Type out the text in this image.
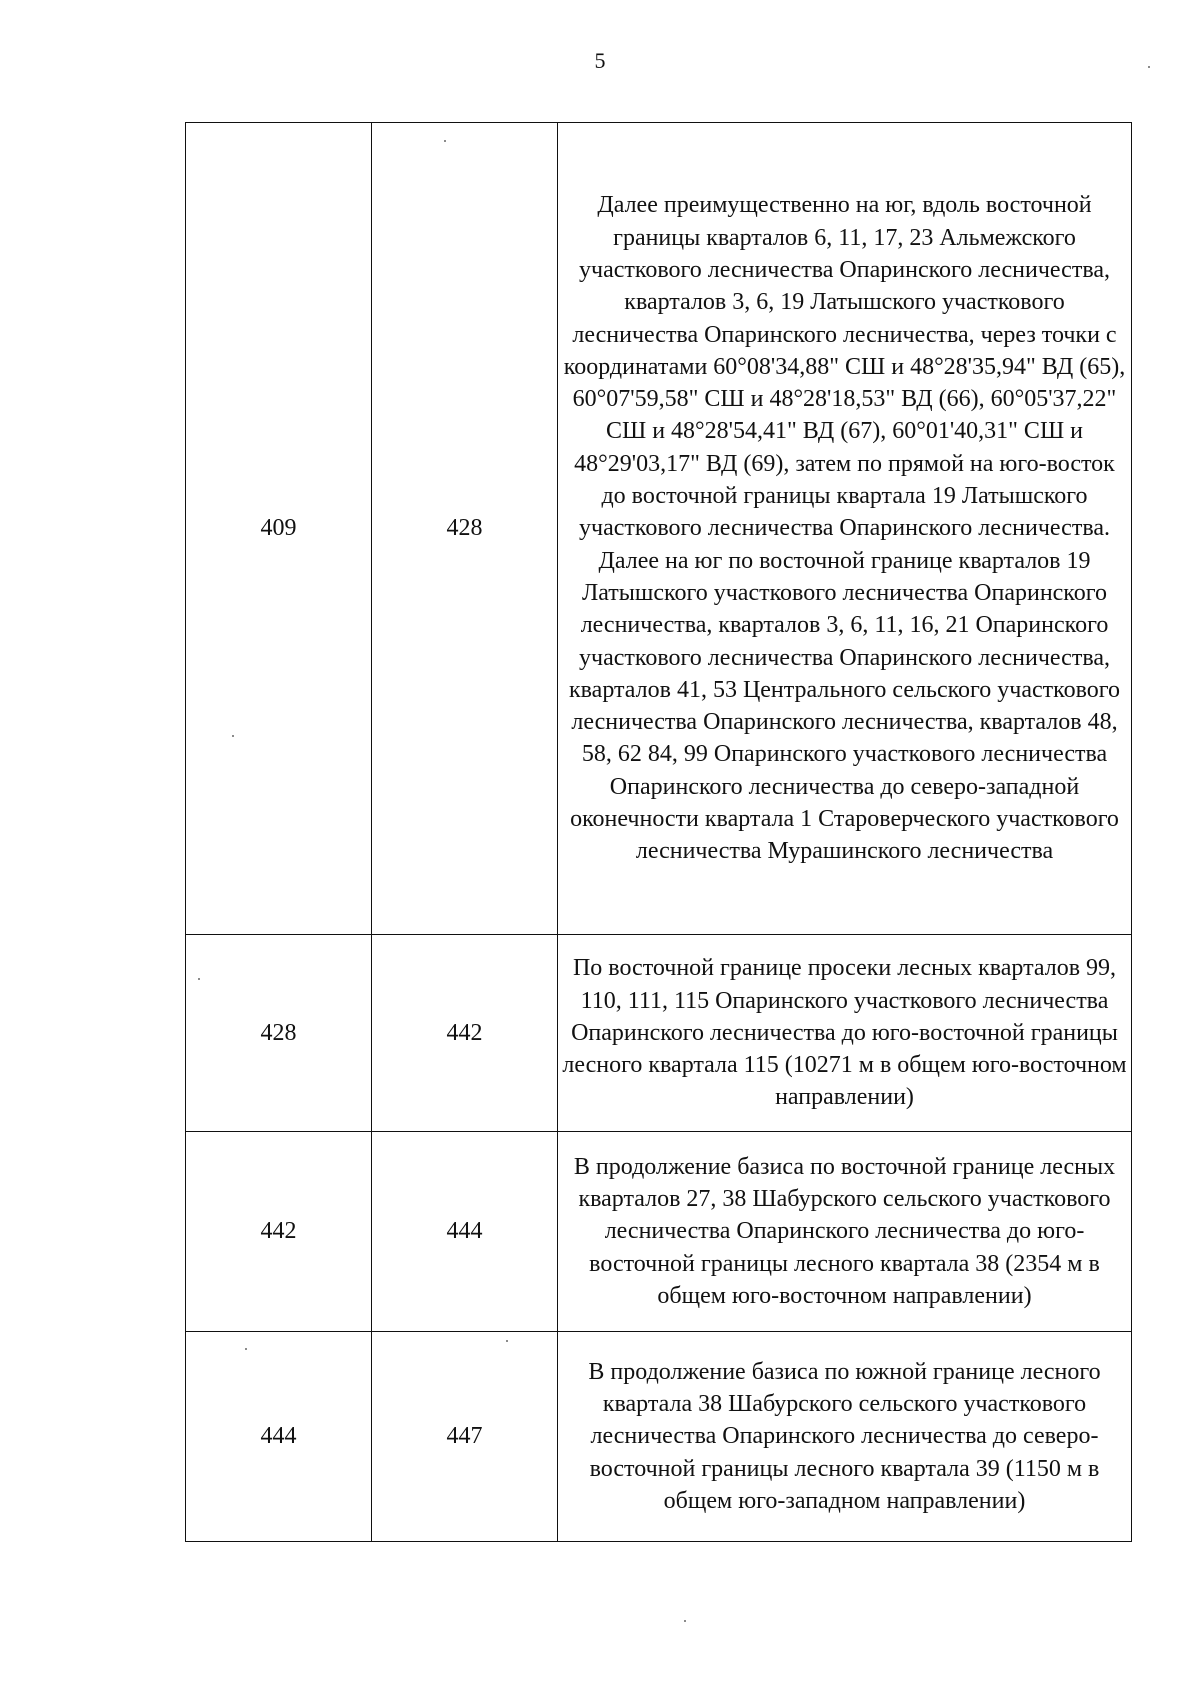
5
409	428	Далее преимущественно на юг, вдоль восточной границы кварталов 6, 11, 17, 23 Альмежского участкового лесничества Опаринского лесничества, кварталов 3, 6, 19 Латышского участкового лесничества Опаринского лесничества, через точки с координатами 60°08'34,88" СШ и 48°28'35,94" ВД (65), 60°07'59,58" СШ и 48°28'18,53" ВД (66), 60°05'37,22" СШ и 48°28'54,41" ВД (67), 60°01'40,31" СШ и 48°29'03,17" ВД (69), затем по прямой на юго-восток до восточной границы квартала 19 Латышского участкового лесничества Опаринского лесничества. Далее на юг по восточной границе кварталов 19 Латышского участкового лесничества Опаринского лесничества, кварталов 3, 6, 11, 16, 21 Опаринского участкового лесничества Опаринского лесничества, кварталов 41, 53 Центрального сельского участкового лесничества Опаринского лесничества, кварталов 48, 58, 62 84, 99 Опаринского участкового лесничества Опаринского лесничества до северо-западной оконечности квартала 1 Староверческого участкового лесничества Мурашинского лесничества
428	442	По восточной границе просеки лесных кварталов 99, 110, 111, 115 Опаринского участкового лесничества Опаринского лесничества до юго-восточной границы лесного квартала 115 (10271 м в общем юго-восточном направлении)
442	444	В продолжение базиса по восточной границе лесных кварталов 27, 38 Шабурского сельского участкового лесничества Опаринского лесничества до юго-восточной границы лесного квартала 38 (2354 м в общем юго-восточном направлении)
444	447	В продолжение базиса по южной границе лесного квартала 38 Шабурского сельского участкового лесничества Опаринского лесничества до северо-восточной границы лесного квартала 39 (1150 м в общем юго-западном направлении)
